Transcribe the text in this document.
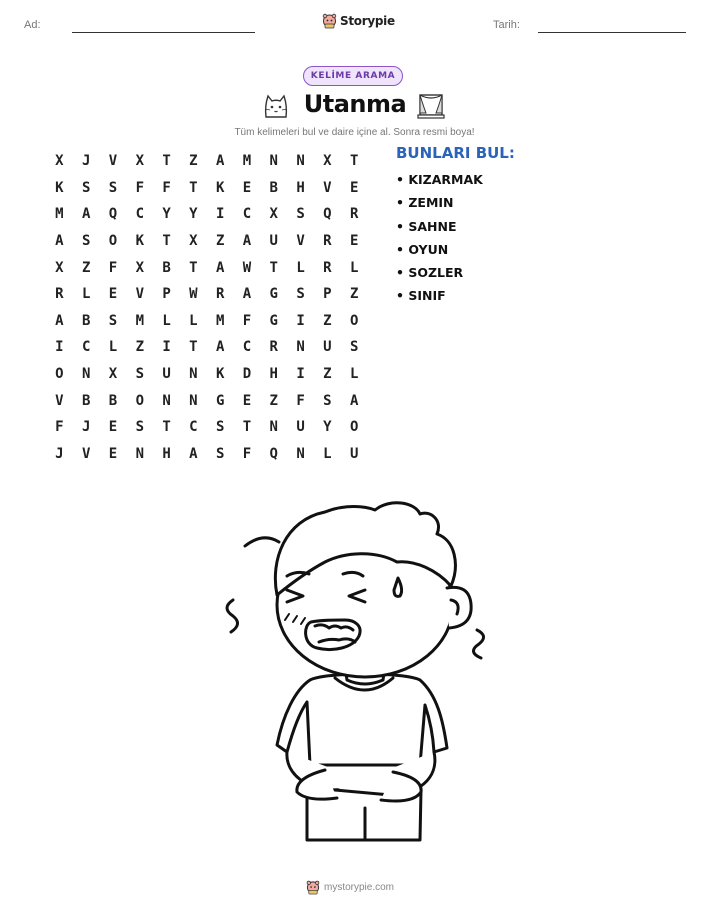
Ad:	Tarih:
Storypie
KELİME ARAMA
Utanma
Tüm kelimeleri bul ve daire içine al. Sonra resmi boya!
X	J	V	X	T	Z	A	M	N	N	X	T
K	S	S	F	F	T	K	E	B	H	V	E
M	A	Q	C	Y	Y	I	C	X	S	Q	R
A	S	O	K	T	X	Z	A	U	V	R	E
X	Z	F	X	B	T	A	W	T	L	R	L
R	L	E	V	P	W	R	A	G	S	P	Z
A	B	S	M	L	L	M	F	G	I	Z	O
I	C	L	Z	I	T	A	C	R	N	U	S
O	N	X	S	U	N	K	D	H	I	Z	L
V	B	B	O	N	N	G	E	Z	F	S	A
F	J	E	S	T	C	S	T	N	U	Y	O
J	V	E	N	H	A	S	F	Q	N	L	U
BUNLARI BUL:
• KIZARMAK
• ZEMIN
• SAHNE
• OYUN
• SOZLER
• SINIF
mystorypie.com
